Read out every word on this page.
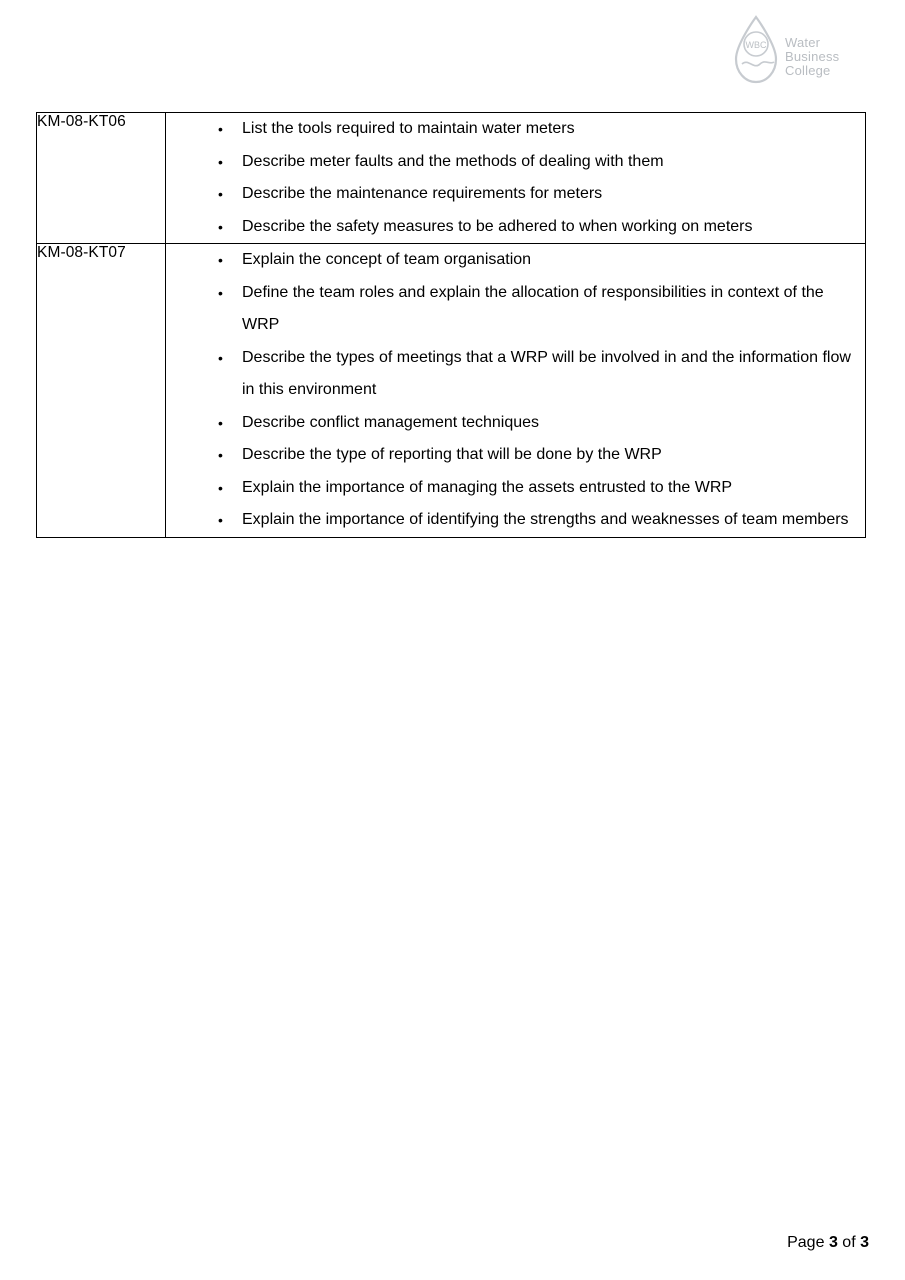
WBC Water
Business
College
KM-08-KT06	
•List the tools required to maintain water meters
• Describe meter faults and the methods of dealing with them
• Describe the maintenance requirements for meters
• Describe the safety measures to be adhered to when working on meters

KM-08-KT07	
•Explain the concept of team organisation
• Define the team roles and explain the allocation of responsibilities in context of the WRP
• Describe the types of meetings that a WRP will be involved in and the information flow in this environment
• Describe conflict management techniques
• Describe the type of reporting that will be done by the WRP
• Explain the importance of managing the assets entrusted to the WRP
• Explain the importance of identifying the strengths and weaknesses of team members
Page 3 of 3
